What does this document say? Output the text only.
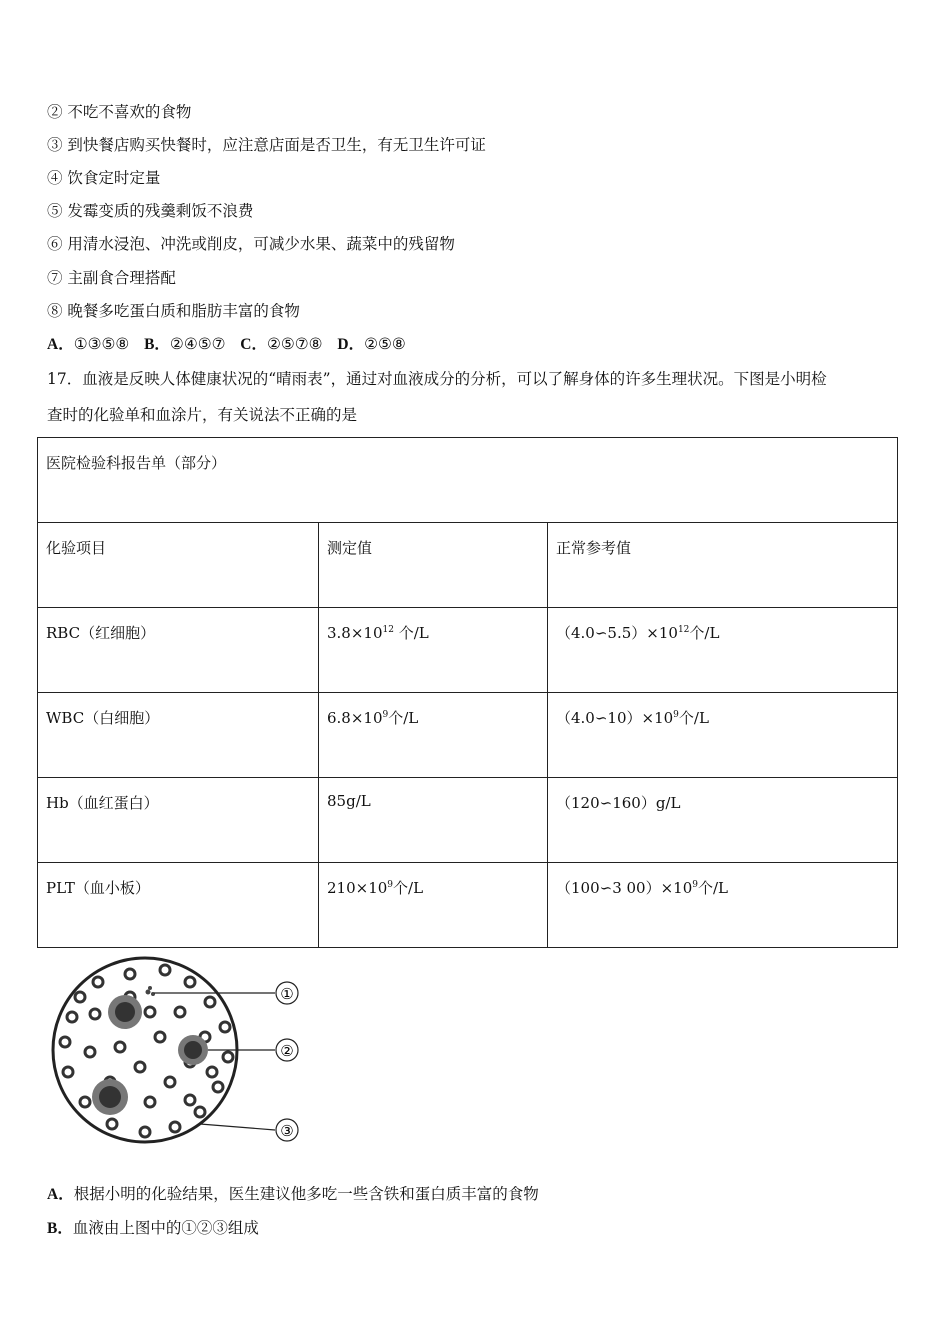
② 不吃不喜欢的食物
③ 到快餐店购买快餐时，应注意店面是否卫生，有无卫生许可证
④ 饮食定时定量
⑤ 发霉变质的残羹剩饭不浪费
⑥ 用清水浸泡、冲洗或削皮，可减少水果、蔬菜中的残留物
⑦ 主副食合理搭配
⑧ 晚餐多吃蛋白质和脂肪丰富的食物
A．①③⑤⑧ B．②④⑤⑦ C．②⑤⑦⑧ D．②⑤⑧
17．血液是反映人体健康状况的“晴雨表”，通过对血液成分的分析，可以了解身体的许多生理状况。下图是小明检
查时的化验单和血涂片，有关说法不正确的是
医院检验科报告单（部分）		
化验项目	测定值	正常参考值
RBC（红细胞）	$3.8\times 10^{12}$ 个/L	$(4.0∽5.5)\times 10^{12}$个/L
WBC（白细胞）	$6.8\times 10^9$个/L	$(4.0∽10)\times 10^9$个/L
Hb（血红蛋白）	85g/L	（120∽160）g/L
PLT（血小板）	$210\times 10^9$个/L	（100∽3 $00)\times 10^9$个/L
①
②
③
A．根据小明的化验结果，医生建议他多吃一些含铁和蛋白质丰富的食物
B．血液由上图中的①②③组成
